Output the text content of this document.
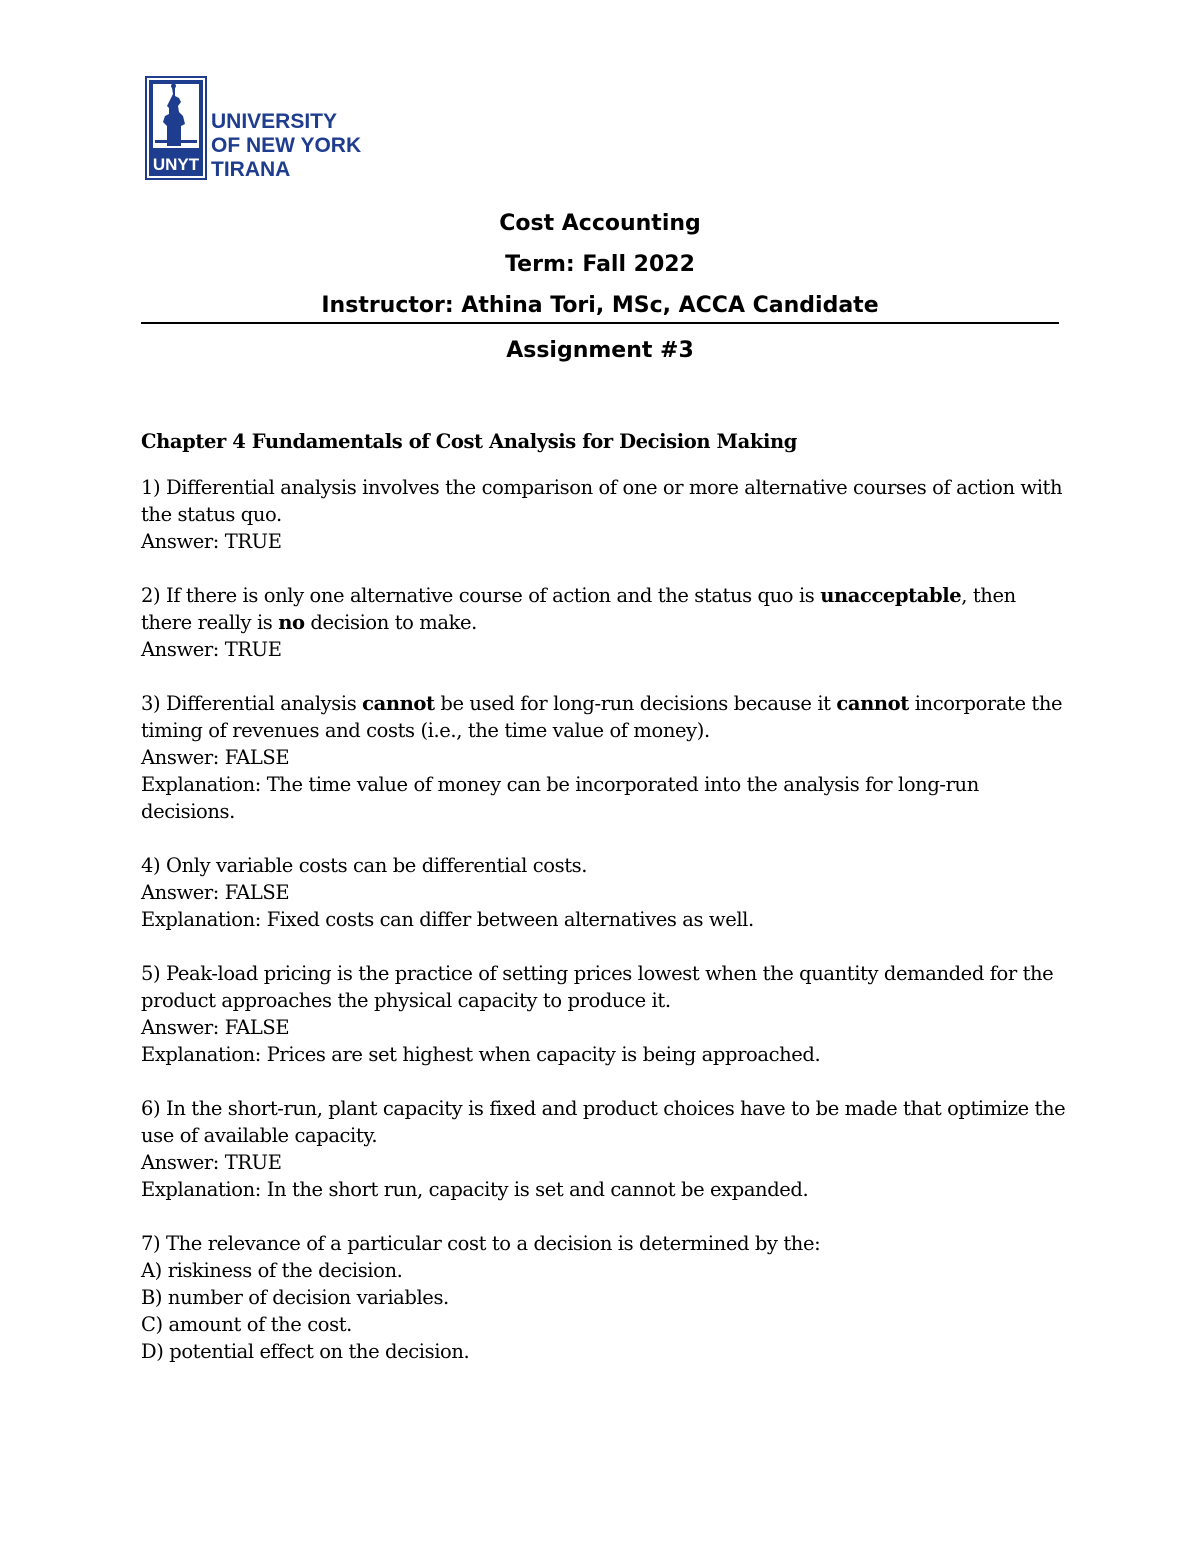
UNYT
UNIVERSITY
OF NEW YORK
TIRANA
Cost Accounting
Term: Fall 2022
Instructor: Athina Tori, MSc, ACCA Candidate
Assignment #3

Chapter 4 Fundamentals of Cost Analysis for Decision Making

1) Differential analysis involves the comparison of one or more alternative courses of action with the status quo.

Answer: TRUE

2) If there is only one alternative course of action and the status quo is unacceptable, then there really is no decision to make.

Answer: TRUE

3) Differential analysis cannot be used for long-run decisions because it cannot incorporate the timing of revenues and costs (i.e., the time value of money).

Answer: FALSE

Explanation: The time value of money can be incorporated into the analysis for long-run decisions.

4) Only variable costs can be differential costs.

Answer: FALSE

Explanation: Fixed costs can differ between alternatives as well.

5) Peak-load pricing is the practice of setting prices lowest when the quantity demanded for the product approaches the physical capacity to produce it.

Answer: FALSE

Explanation: Prices are set highest when capacity is being approached.

6) In the short-run, plant capacity is fixed and product choices have to be made that optimize the use of available capacity.

Answer: TRUE

Explanation: In the short run, capacity is set and cannot be expanded.

7) The relevance of a particular cost to a decision is determined by the:

A) riskiness of the decision.

B) number of decision variables.

C) amount of the cost.

D) potential effect on the decision.
